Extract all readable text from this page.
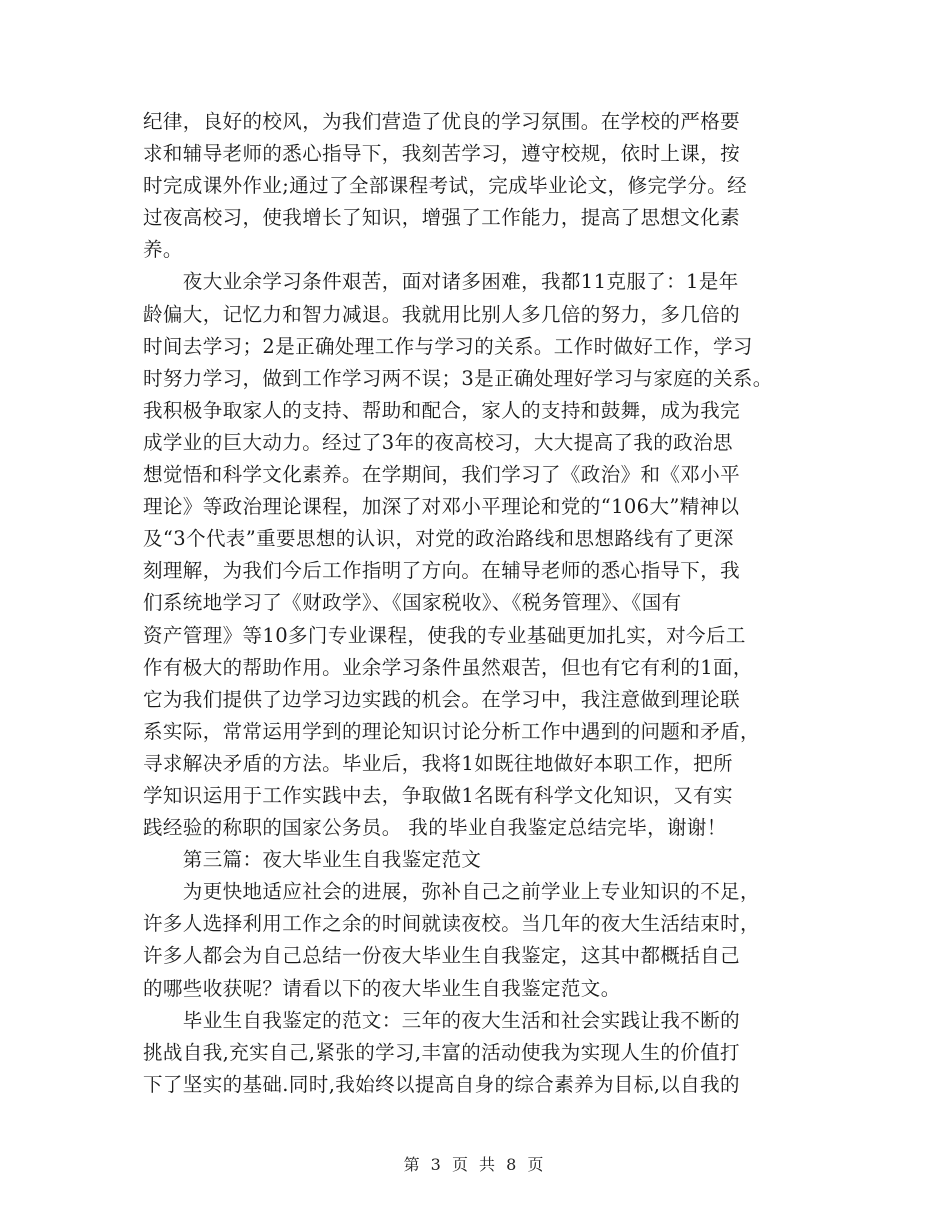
纪律，良好的校风，为我们营造了优良的学习氛围。在学校的严格要
求和辅导老师的悉心指导下，我刻苦学习，遵守校规，依时上课，按
时完成课外作业;通过了全部课程考试，完成毕业论文，修完学分。经
过夜高校习，使我增长了知识，增强了工作能力，提高了思想文化素
养。
　　夜大业余学习条件艰苦，面对诸多困难，我都11克服了：1是年
龄偏大，记忆力和智力减退。我就用比别人多几倍的努力，多几倍的
时间去学习；2是正确处理工作与学习的关系。工作时做好工作，学习
时努力学习，做到工作学习两不误；3是正确处理好学习与家庭的关系。
我积极争取家人的支持、帮助和配合，家人的支持和鼓舞，成为我完
成学业的巨大动力。经过了3年的夜高校习，大大提高了我的政治思
想觉悟和科学文化素养。在学期间，我们学习了《政治》和《邓小平
理论》等政治理论课程，加深了对邓小平理论和党的“106大”精神以
及“3个代表”重要思想的认识，对党的政治路线和思想路线有了更深
刻理解，为我们今后工作指明了方向。在辅导老师的悉心指导下，我
们系统地学习了《财政学》、《国家税收》、《税务管理》、《国有
资产管理》等10多门专业课程，使我的专业基础更加扎实，对今后工
作有极大的帮助作用。业余学习条件虽然艰苦，但也有它有利的1面，
它为我们提供了边学习边实践的机会。在学习中，我注意做到理论联
系实际，常常运用学到的理论知识讨论分析工作中遇到的问题和矛盾，
寻求解决矛盾的方法。毕业后，我将1如既往地做好本职工作，把所
学知识运用于工作实践中去，争取做1名既有科学文化知识，又有实
践经验的称职的国家公务员。 我的毕业自我鉴定总结完毕，谢谢！
　　第三篇：夜大毕业生自我鉴定范文
　　为更快地适应社会的进展，弥补自己之前学业上专业知识的不足，
许多人选择利用工作之余的时间就读夜校。当几年的夜大生活结束时，
许多人都会为自己总结一份夜大毕业生自我鉴定，这其中都概括自己
的哪些收获呢？请看以下的夜大毕业生自我鉴定范文。
　　毕业生自我鉴定的范文：三年的夜大生活和社会实践让我不断的
挑战自我,充实自己,紧张的学习,丰富的活动使我为实现人生的价值打
下了坚实的基础.同时,我始终以提高自身的综合素养为目标,以自我的
第 3 页 共 8 页
